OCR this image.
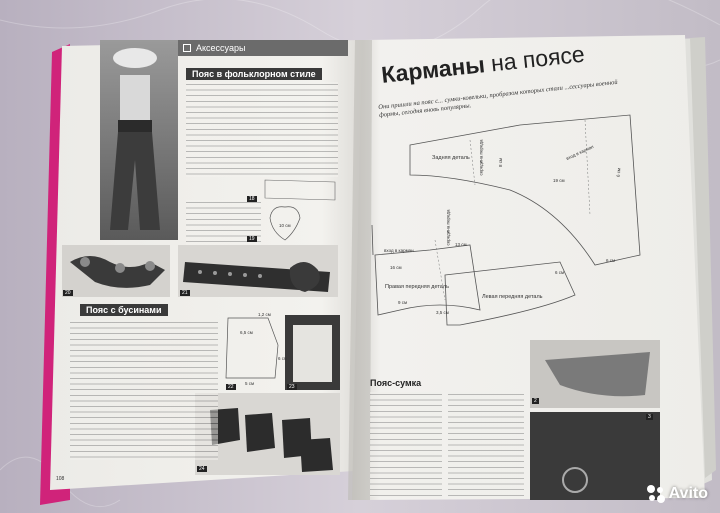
Аксессуары
Пояс в фольклорном стиле
Пояс с бусинами
10 см
6,5 см
1,2 см
6 см
5 см
18
19
20	21
22	23
24
108
Карманы на поясе
Они пришли на пояс с... сумки-ковельки, пробразом которых стали ...сессуары военной формы, сегодня вновь популярны.
Задняя деталь середина переда	вход в карман
19 см
8 см
6 см
6 см
вход в карман
середина переда 13 см
16 см
Правая передняя деталь
6 см
3,5 см
9 см
Левая передняя деталь
Пояс-сумка
2
3
Avito
